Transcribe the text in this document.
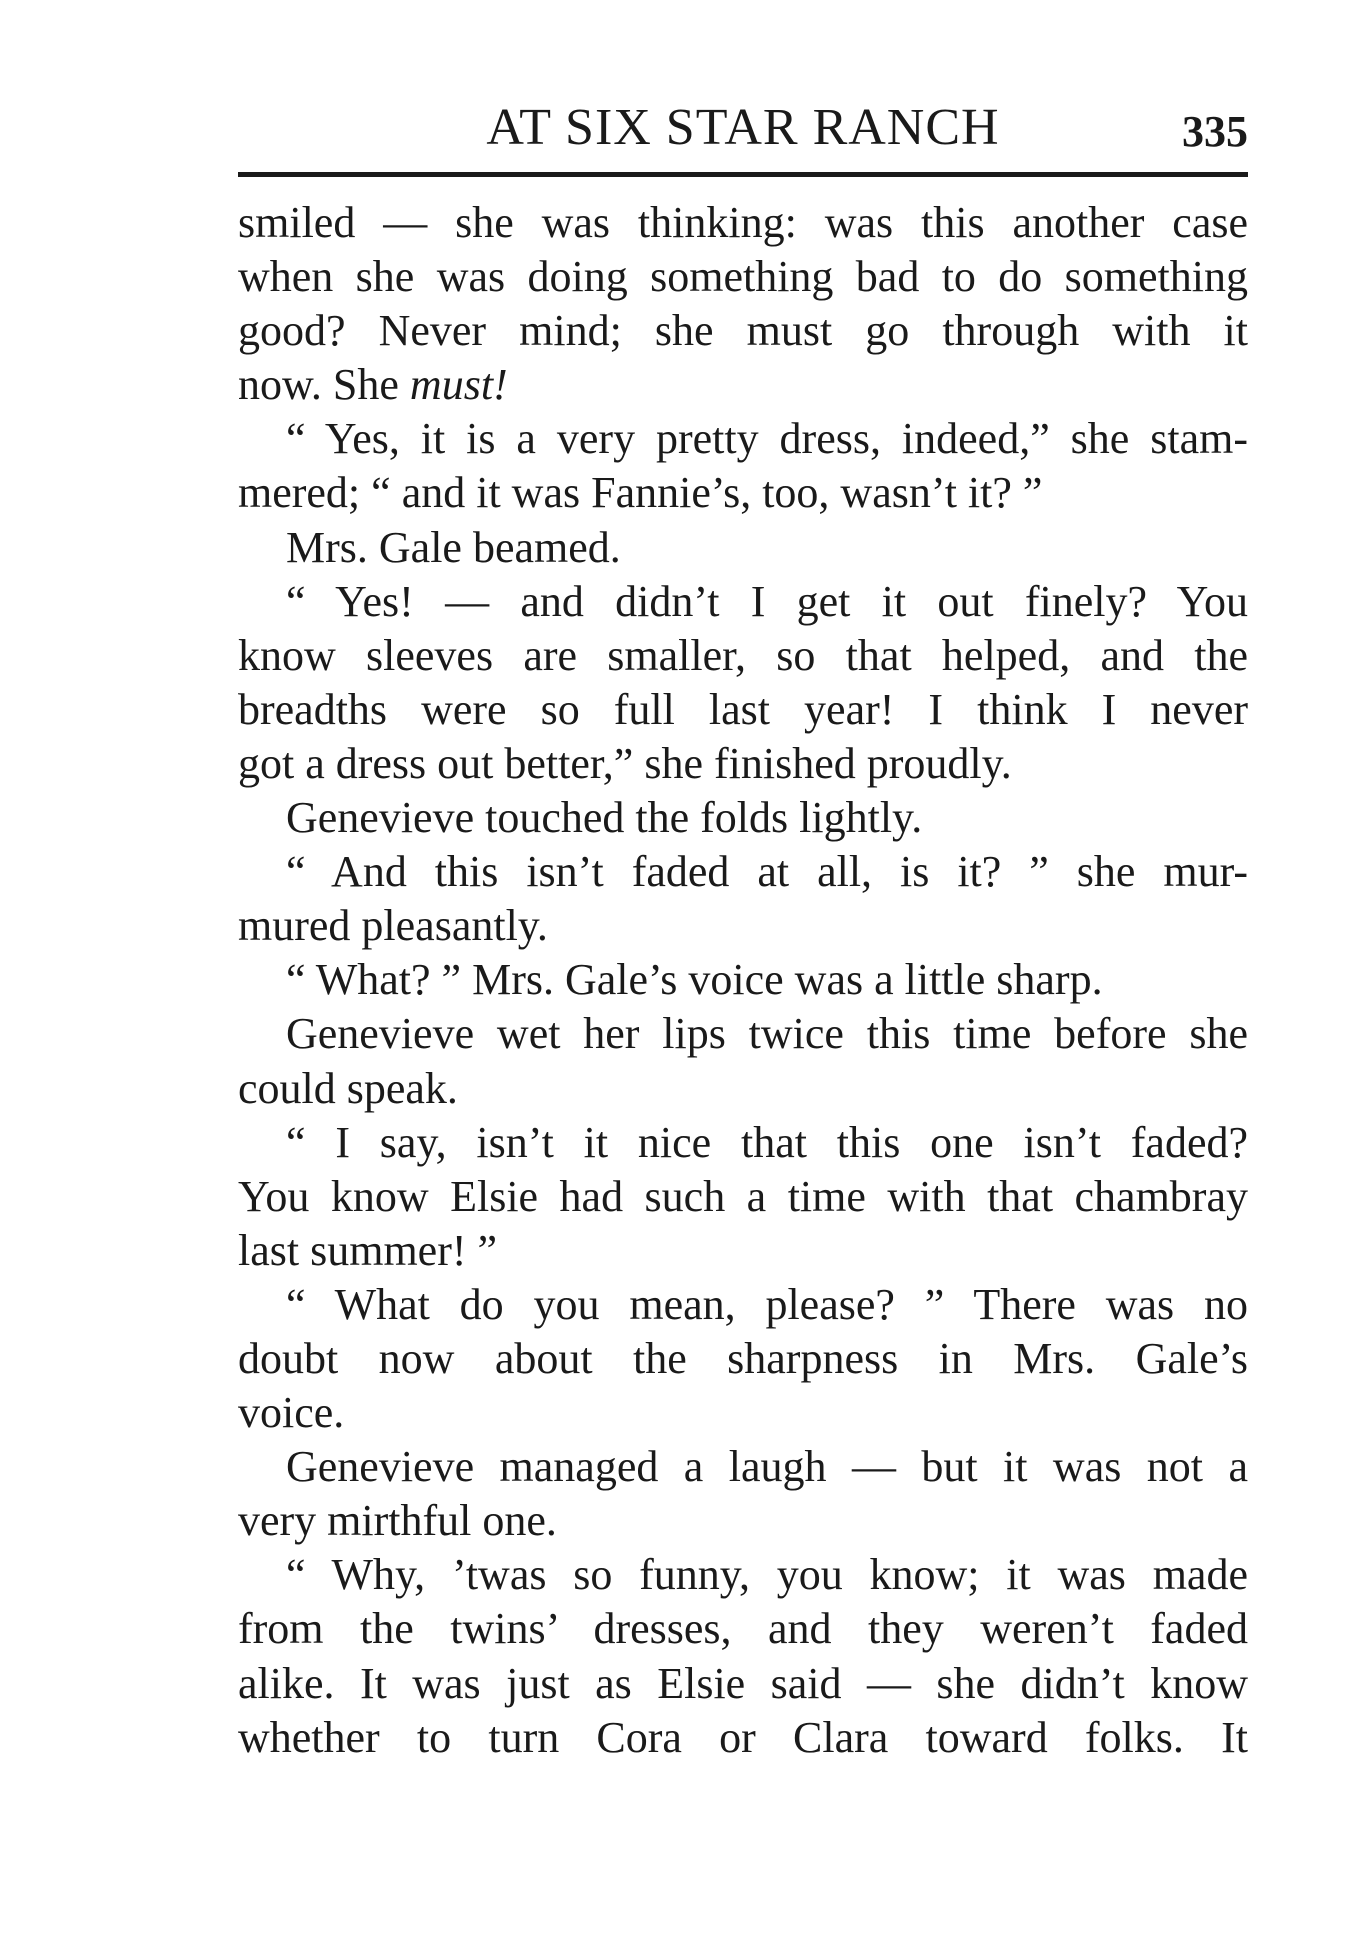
AT SIX STAR RANCH	335
smiled — she was thinking: was this another case
when she was doing something bad to do something
good? Never mind; she must go through with it
now. She must!
“ Yes, it is a very pretty dress, indeed,” she stam-
mered; “ and it was Fannie’s, too, wasn’t it? ”
Mrs. Gale beamed.
“ Yes! — and didn’t I get it out finely? You
know sleeves are smaller, so that helped, and the
breadths were so full last year! I think I never
got a dress out better,” she finished proudly.
Genevieve touched the folds lightly.
“ And this isn’t faded at all, is it? ” she mur-
mured pleasantly.
“ What? ” Mrs. Gale’s voice was a little sharp.
Genevieve wet her lips twice this time before she
could speak.
“ I say, isn’t it nice that this one isn’t faded?
You know Elsie had such a time with that chambray
last summer! ”
“ What do you mean, please? ” There was no
doubt now about the sharpness in Mrs. Gale’s
voice.
Genevieve managed a laugh — but it was not a
very mirthful one.
“ Why, ’twas so funny, you know; it was made
from the twins’ dresses, and they weren’t faded
alike. It was just as Elsie said — she didn’t know
whether to turn Cora or Clara toward folks. It
